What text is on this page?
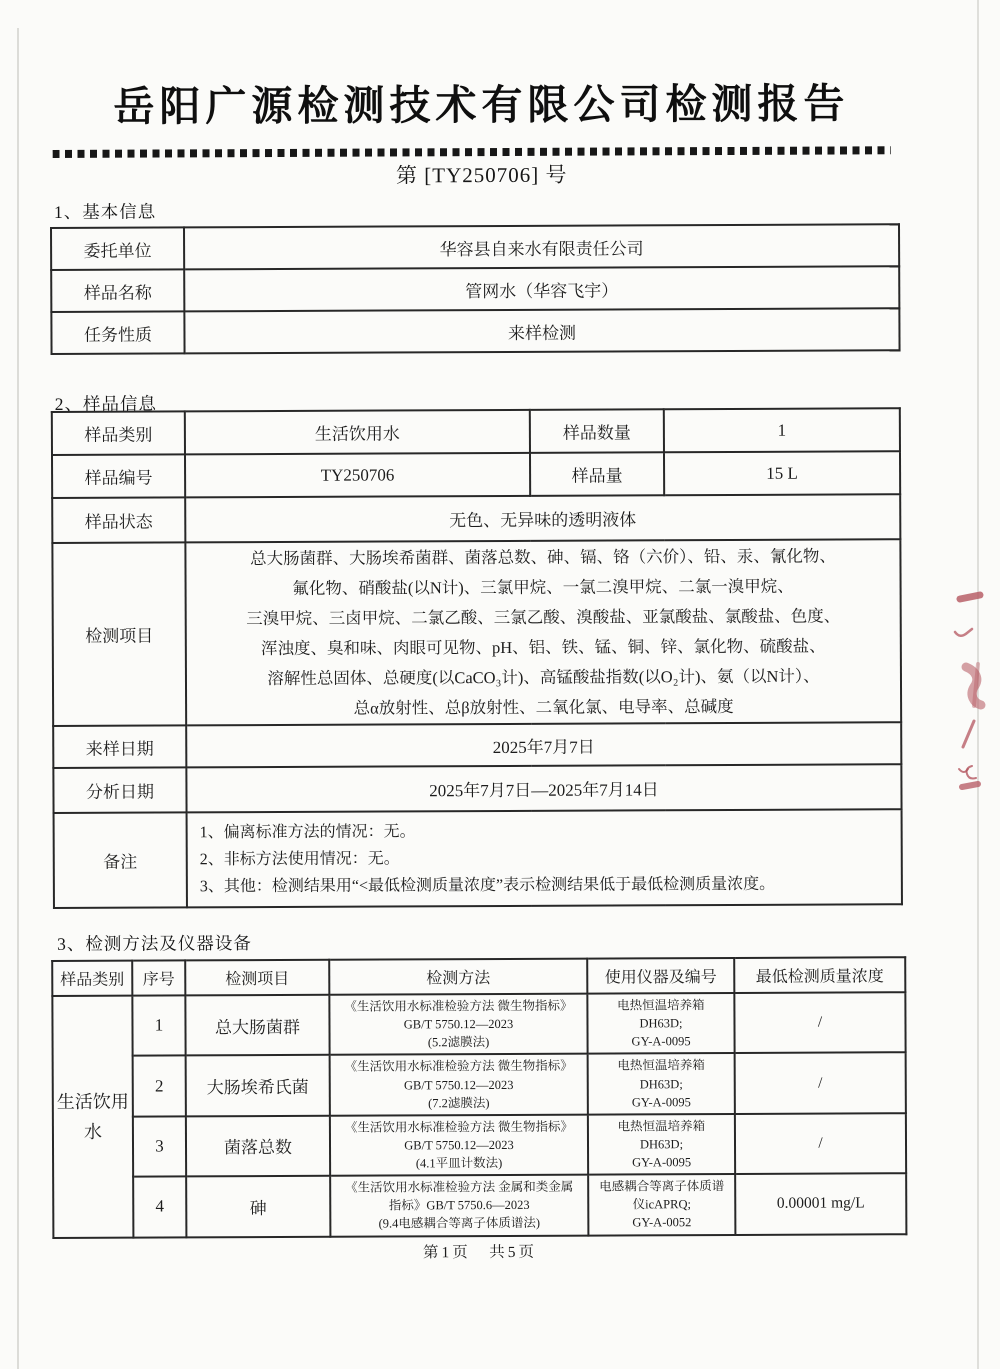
岳阳广源检测技术有限公司检测报告
第 [TY250706] 号
1、基本信息
委托单位	华容县自来水有限责任公司
样品名称	管网水（华容飞宇）
任务性质	来样检测
2、样品信息
样品类别	生活饮用水	样品数量	1
样品编号	TY250706	样品量	15 L
样品状态	无色、无异味的透明液体		
检测项目	总大肠菌群、大肠埃希菌群、菌落总数、砷、镉、铬（六价）、铅、汞、氰化物、
氟化物、硝酸盐(以N计)、三氯甲烷、一氯二溴甲烷、二氯一溴甲烷、
三溴甲烷、三卤甲烷、二氯乙酸、三氯乙酸、溴酸盐、亚氯酸盐、氯酸盐、色度、
浑浊度、臭和味、肉眼可见物、pH、铝、铁、锰、铜、锌、氯化物、硫酸盐、
溶解性总固体、总硬度(以CaCO₃计)、高锰酸盐指数(以O₂计)、氨（以N计）、
总α放射性、总β放射性、二氧化氯、电导率、总碱度
来样日期	2025年7月7日		
分析日期	2025年7月7日—2025年7月14日		
备注	1、偏离标准方法的情况：无。
2、非标方法使用情况：无。
3、其他：检测结果用“<最低检测质量浓度”表示检测结果低于最低检测质量浓度。		
3、检测方法及仪器设备
样品类别	序号	检测项目	检测方法	使用仪器及编号	最低检测质量浓度
生活饮用水	1	总大肠菌群	《生活饮用水标准检验方法 微生物指标》
GB/T 5750.12—2023
(5.2滤膜法)	电热恒温培养箱
DH63D;
GY-A-0095	/
	2	大肠埃希氏菌	《生活饮用水标准检验方法 微生物指标》
GB/T 5750.12—2023
(7.2滤膜法)	电热恒温培养箱
DH63D;
GY-A-0095	/
	3	菌落总数	《生活饮用水标准检验方法 微生物指标》
GB/T 5750.12—2023
(4.1平皿计数法)	电热恒温培养箱
DH63D;
GY-A-0095	/
	4	砷	《生活饮用水标准检验方法 金属和类金属
指标》GB/T 5750.6—2023
(9.4电感耦合等离子体质谱法)	电感耦合等离子体质谱
仪icAPRQ;
GY-A-0052	0.00001 mg/L
第1页　共5页
